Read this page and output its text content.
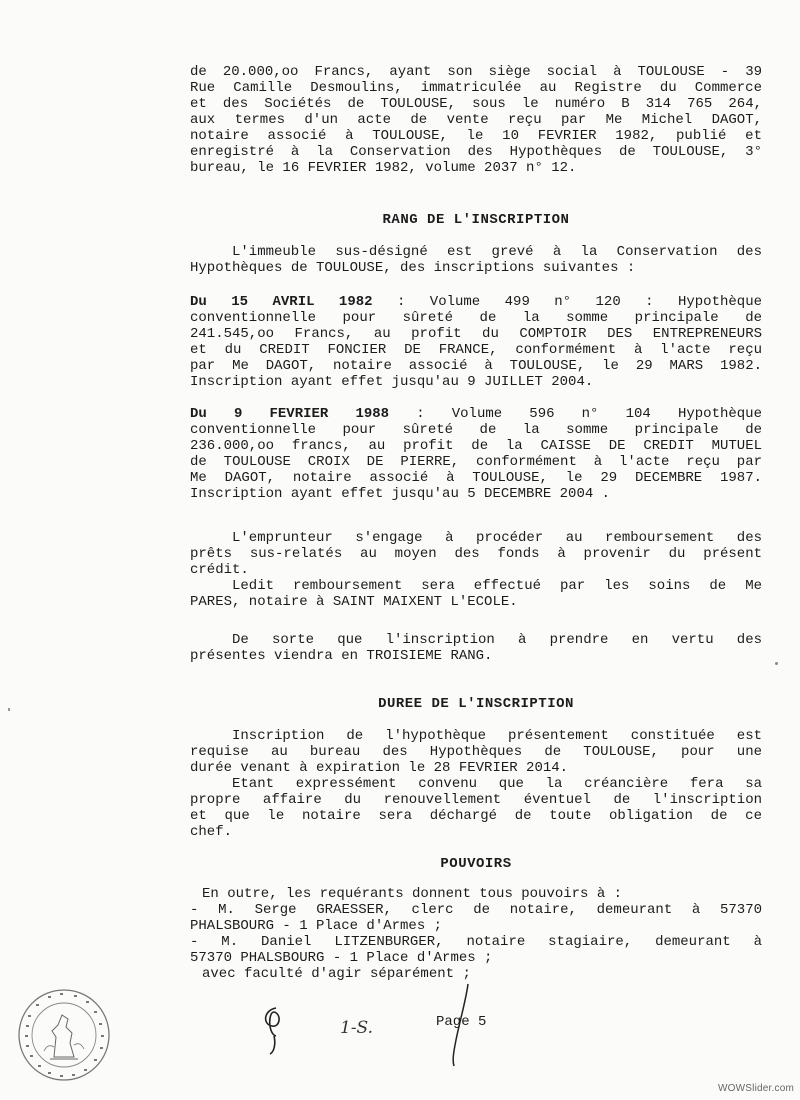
de 20.000,oo Francs, ayant son siège social à TOULOUSE - 39
Rue Camille Desmoulins, immatriculée au Registre du Commerce
et des Sociétés de TOULOUSE, sous le numéro B 314 765 264,
aux termes d'un acte de vente reçu par Me Michel DAGOT,
notaire associé à TOULOUSE, le 10 FEVRIER 1982, publié et
enregistré à la Conservation des Hypothèques de TOULOUSE, 3°
bureau, le 16 FEVRIER 1982, volume 2037 n° 12.
RANG DE L'INSCRIPTION
L'immeuble sus-désigné est grevé à la Conservation des
Hypothèques de TOULOUSE, des inscriptions suivantes :
Du 15 AVRIL 1982 : Volume 499 n° 120 : Hypothèque
conventionnelle pour sûreté de la somme principale de
241.545,oo Francs, au profit du COMPTOIR DES ENTREPRENEURS
et du CREDIT FONCIER DE FRANCE, conformément à l'acte reçu
par Me DAGOT, notaire associé à TOULOUSE, le 29 MARS 1982.
Inscription ayant effet jusqu'au 9 JUILLET 2004.
Du 9 FEVRIER 1988 : Volume 596 n° 104 Hypothèque
conventionnelle pour sûreté de la somme principale de
236.000,oo francs, au profit de la CAISSE DE CREDIT MUTUEL
de TOULOUSE CROIX DE PIERRE, conformément à l'acte reçu par
Me DAGOT, notaire associé à TOULOUSE, le 29 DECEMBRE 1987.
Inscription ayant effet jusqu'au 5 DECEMBRE 2004 .
L'emprunteur s'engage à procéder au remboursement des
prêts sus-relatés au moyen des fonds à provenir du présent
crédit.
Ledit remboursement sera effectué par les soins de Me
PARES, notaire à SAINT MAIXENT L'ECOLE.
De sorte que l'inscription à prendre en vertu des
présentes viendra en TROISIEME RANG.
DUREE DE L'INSCRIPTION
Inscription de l'hypothèque présentement constituée est
requise au bureau des Hypothèques de TOULOUSE, pour une
durée venant à expiration le 28 FEVRIER 2014.
Etant expressément convenu que la créancière fera sa
propre affaire du renouvellement éventuel de l'inscription
et que le notaire sera déchargé de toute obligation de ce
chef.
POUVOIRS
En outre, les requérants donnent tous pouvoirs à :
- M. Serge GRAESSER, clerc de notaire, demeurant à 57370
PHALSBOURG - 1 Place d'Armes ;
- M. Daniel LITZENBURGER, notaire stagiaire, demeurant à
57370 PHALSBOURG - 1 Place d'Armes ;
avec faculté d'agir séparément ;
1-S.	Page 5
WOWSlider.com
